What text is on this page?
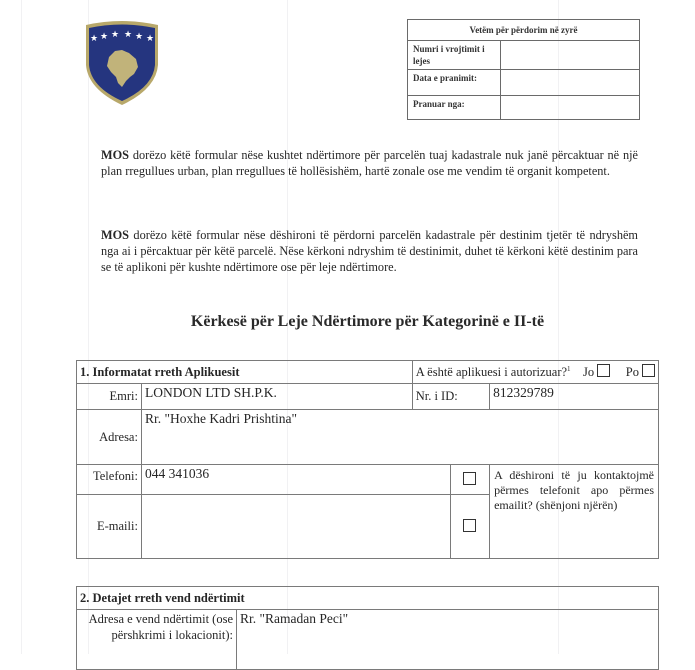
★ ★ ★ ★ ★ ★
Vetëm për përdorim në zyrë	
Numri i vrojtimit i lejes	
Data e pranimit:	
Pranuar nga:	
MOS dorëzo këtë formular nëse kushtet ndërtimore për parcelën tuaj kadastrale nuk janë përcaktuar në një plan rregullues urban, plan rregullues të hollësishëm, hartë zonale ose me vendim të organit kompetent.
MOS dorëzo këtë formular nëse dëshironi të përdorni parcelën kadastrale për destinim tjetër të ndryshëm nga ai i përcaktuar për këtë parcelë. Nëse kërkoni ndryshim të destinimit, duhet të kërkoni këtë destinim para se të aplikoni për kushte ndërtimore ose për leje ndërtimore.
Kërkesë për Leje Ndërtimore për Kategorinë e II-të
1. Informatat rreth Aplikuesit		A është aplikuesi i autorizuar?$^1$ Jo Po		
Emri:	LONDON LTD SH.P.K.	Nr. i ID:		812329789
Adresa:	Rr. "Hoxhe Kadri Prishtina"			
Telefoni:	044 341036			A dëshironi të ju kontaktojmë përmes telefonit apo përmes emailit? (shënjoni njërën)
E-maili:				
2. Detajet rreth vend ndërtimit
Adresa e vend ndërtimit (ose përshkrimi i lokacionit):	Rr. "Ramadan Peci"
